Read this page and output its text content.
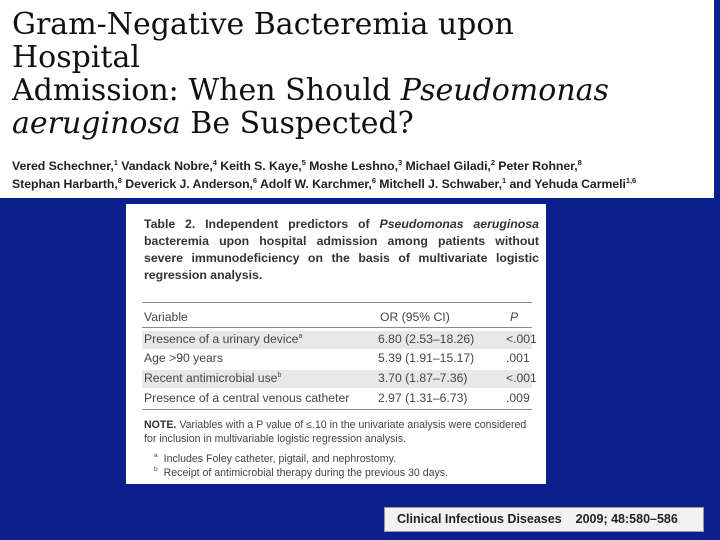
Gram-Negative Bacteremia upon Hospital
Admission: When Should Pseudomonas
aeruginosa Be Suspected?
Vered Schechner,$^1$ Vandack Nobre,$^4$ Keith S. Kaye,$^5$ Moshe Leshno,$^3$ Michael Giladi,$^2$ Peter Rohner,$^8$
Stephan Harbarth,$^8$ Deverick J. Anderson,$^6$ Adolf W. Karchmer,$^6$ Mitchell J. Schwaber,$^1$ and Yehuda Carmeli$^{1,6}$

Table 2. Independent predictors of Pseudomonas aeruginosa bacteremia upon hospital admission among patients without severe immunodeficiency on the basis of multivariate logistic regression analysis.

Variable	OR (95% CI)	P
Presence of a urinary device$^a$	6.80 (2.53–18.26)	<.001
Age >90 years	5.39 (1.91–15.17)	.001
Recent antimicrobial use$^b$	3.70 (1.87–7.36)	<.001
Presence of a central venous catheter 2.97 (1.31–6.73)	.009

NOTE. Variables with a P value of ≤.10 in the univariate analysis were considered for inclusion in multivariable logistic regression analysis.

$^a$ Includes Foley catheter, pigtail, and nephrostomy.

$^b$ Receipt of antimicrobial therapy during the previous 30 days.

Clinical Infectious Diseases 2009; 48:580–586
